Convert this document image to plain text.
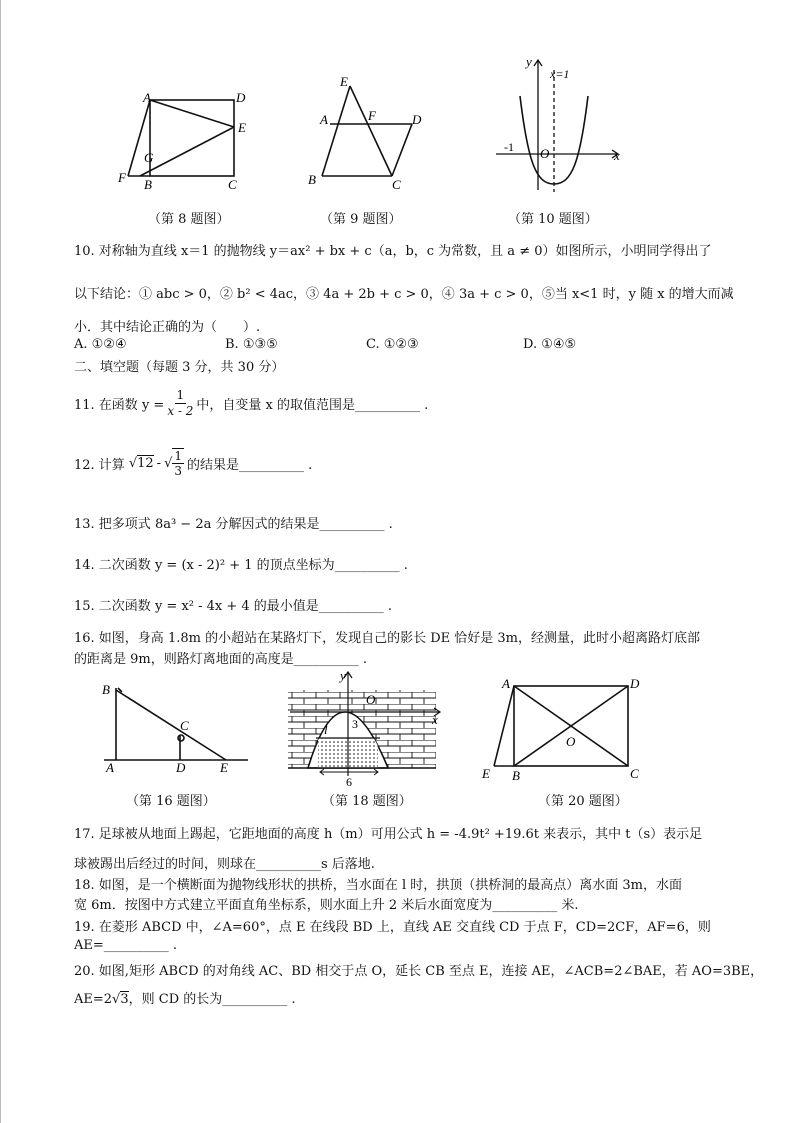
A	D
E
G
F B	C
（第 8 题图）
E
A	F	D
B	C
（第 9 题图）
y
x=1
-1 O	x
（第 10 题图）
10. 对称轴为直线 x＝1 的抛物线 y＝ax² + bx + c（a，b，c 为常数，且 a ≠ 0）如图所示，小明同学得出了
以下结论：① abc > 0，② b² < 4ac，③ 4a + 2b + c > 0，④ 3a + c > 0，⑤当 x<1 时，y 随 x 的增大而减
小．其中结论正确的为（　　）.
A. ①②④	B. ①③⑤	C. ①②③	D. ①④⑤
二、填空题（每题 3 分，共 30 分）
11. 在函数 $y = \frac{1}{x - 2}$ 中，自变量 x 的取值范围是__________ .
12. 计算 √ 12 - √ $\frac{1}{3}$ 的结果是__________ .
13. 把多项式 8a³ − 2a 分解因式的结果是__________ .
14. 二次函数 y = (x - 2)² + 1 的顶点坐标为__________ .
15. 二次函数 y = x² - 4x + 4 的最小值是__________ .
16. 如图，身高 1.8m 的小超站在某路灯下，发现自己的影长 DE 恰好是 3m，经测量，此时小超离路灯底部
的距离是 9m，则路灯离地面的高度是__________ .
B
C
A	D	E
（第 16 题图）
y
O
x
3
l
6
（第 18 题图）
A	D
O
E B	C
（第 20 题图）
17. 足球被从地面上踢起，它距地面的高度 h（m）可用公式 h = -4.9t² +19.6t 来表示，其中 t（s）表示足
球被踢出后经过的时间，则球在__________s 后落地.
18. 如图，是一个横断面为抛物线形状的拱桥，当水面在 l 时，拱顶（拱桥洞的最高点）离水面 3m，水面
宽 6m．按图中方式建立平面直角坐标系，则水面上升 2 米后水面宽度为__________ 米.
19. 在菱形 ABCD 中，∠A=60°，点 E 在线段 BD 上，直线 AE 交直线 CD 于点 F，CD=2CF，AF=6，则
AE=__________ .
20. 如图,矩形 ABCD 的对角线 AC、BD 相交于点 O，延长 CB 至点 E，连接 AE，∠ACB=2∠BAE，若 AO=3BE，
AE=2√3，则 CD 的长为__________ .
